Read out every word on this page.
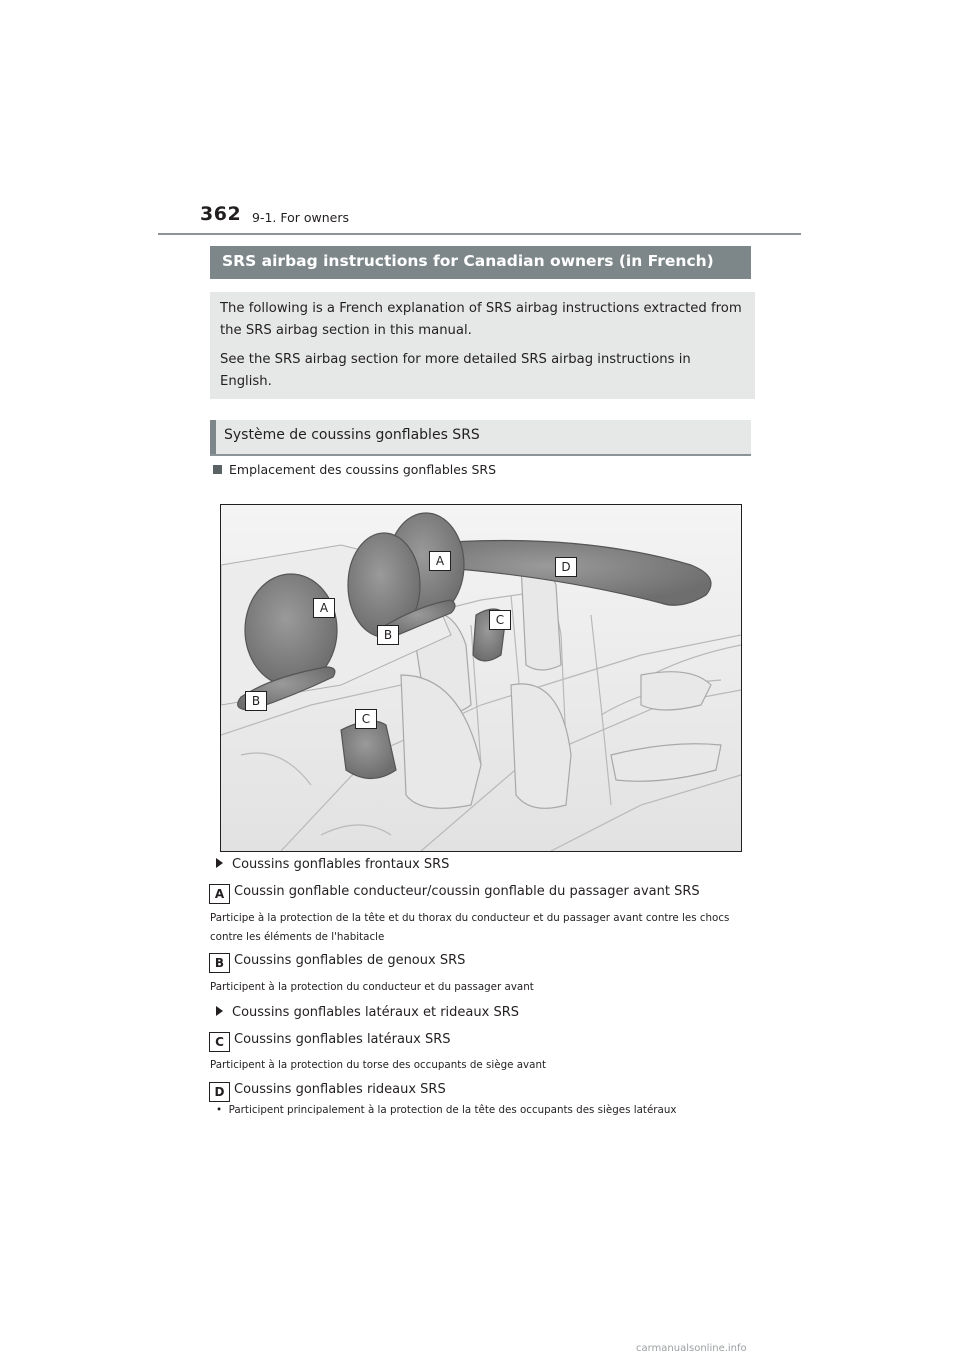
362 9-1. For owners
SRS airbag instructions for Canadian owners (in French)

The following is a French explanation of SRS airbag instructions extracted from the SRS airbag section in this manual.

See the SRS airbag section for more detailed SRS airbag instructions in English.

Système de coussins gonflables SRS
Emplacement des coussins gonflables SRS
A
A
B
B
C
C
D
Coussins gonflables frontaux SRS
A Coussin gonflable conducteur/coussin gonflable du passager avant SRS
Participe à la protection de la tête et du thorax du conducteur et du passager avant contre les chocs contre les éléments de l'habitacle
B Coussins gonflables de genoux SRS
Participent à la protection du conducteur et du passager avant
Coussins gonflables latéraux et rideaux SRS
C Coussins gonflables latéraux SRS
Participent à la protection du torse des occupants de siège avant
D Coussins gonflables rideaux SRS
•  Participent principalement à la protection de la tête des occupants des sièges latéraux
carmanualsonline.info
